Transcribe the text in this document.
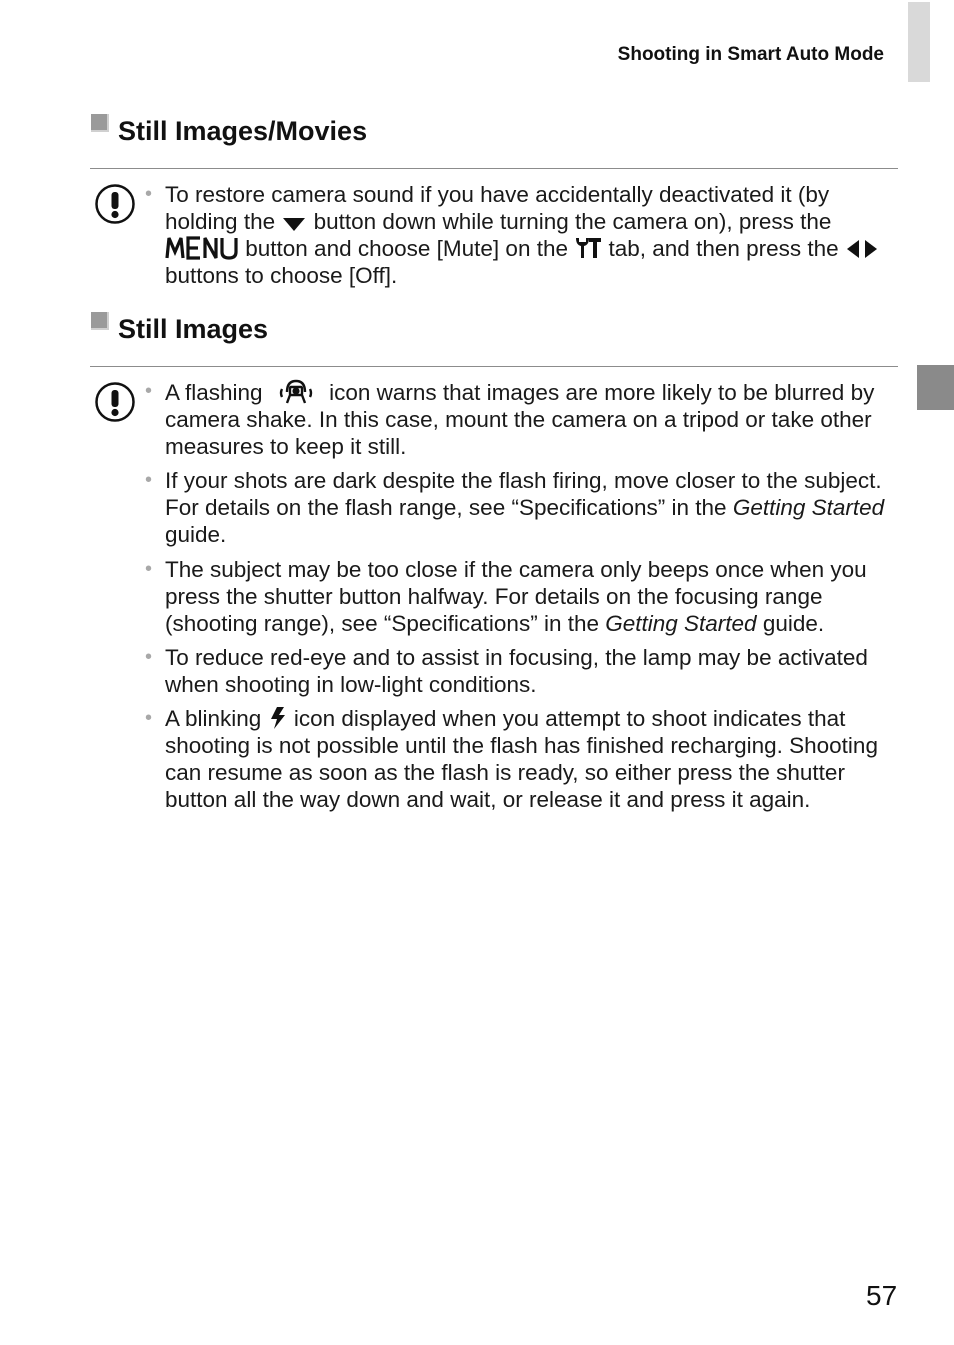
Shooting in Smart Auto Mode
Still Images/Movies
• To restore camera sound if you have accidentally deactivated it (by holding the  button down while turning the camera on), press the  button and choose [Mute] on the  tab, and then press the  buttons to choose [Off].
Still Images
• A flashing  icon warns that images are more likely to be blurred by camera shake. In this case, mount the camera on a tripod or take other measures to keep it still.
• If your shots are dark despite the flash firing, move closer to the subject. For details on the flash range, see “Specifications” in the Getting Started guide.
• The subject may be too close if the camera only beeps once when you press the shutter button halfway. For details on the focusing range (shooting range), see “Specifications” in the Getting Started guide.
• To reduce red-eye and to assist in focusing, the lamp may be activated when shooting in low-light conditions.
• A blinking  icon displayed when you attempt to shoot indicates that shooting is not possible until the flash has finished recharging. Shooting can resume as soon as the flash is ready, so either press the shutter button all the way down and wait, or release it and press it again.
57
